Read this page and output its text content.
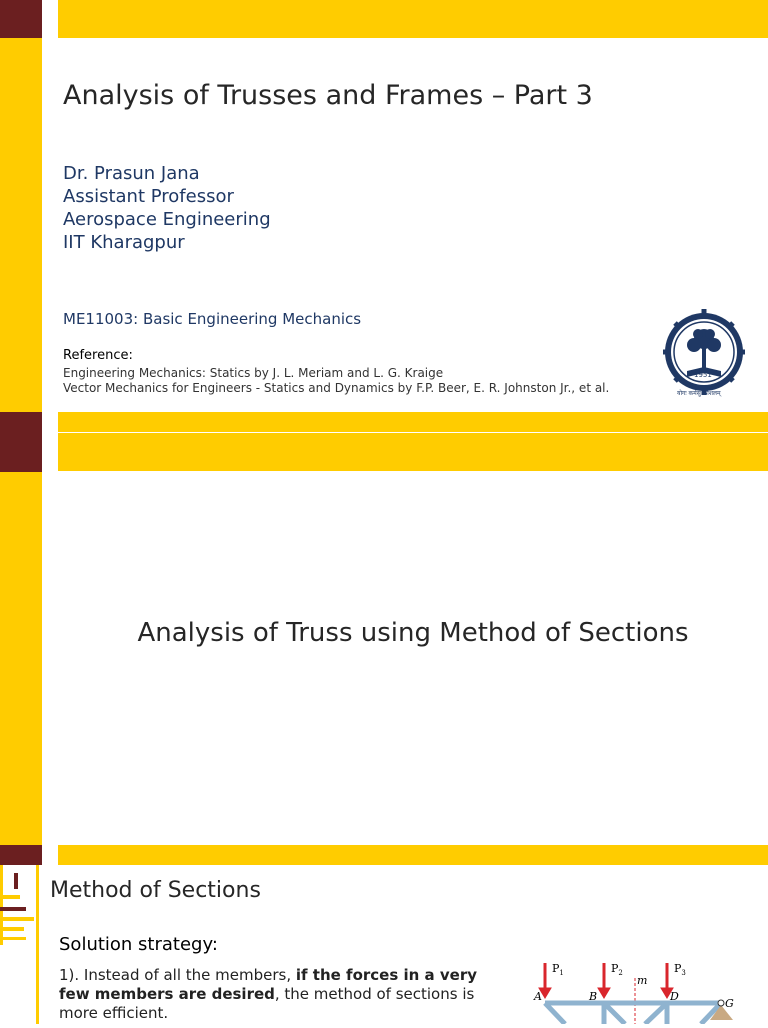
Analysis of Trusses and Frames – Part 3
Dr. Prasun Jana
Assistant Professor
Aerospace Engineering
IIT Kharagpur
ME11003: Basic Engineering Mechanics
Reference:
Engineering Mechanics: Statics by J. L. Meriam and L. G. Kraige
Vector Mechanics for Engineers - Statics and Dynamics by F.P. Beer, E. R. Johnston Jr., et al.
1951
योगः कर्मसु कौशलम्
Analysis of Truss using Method of Sections
Method of Sections
Solution strategy:
1). Instead of all the members, if the forces in a very few members are desired, the method of sections is more efficient.
$P_1$	$P_2$	$P_3$
m
A	B	D
G
